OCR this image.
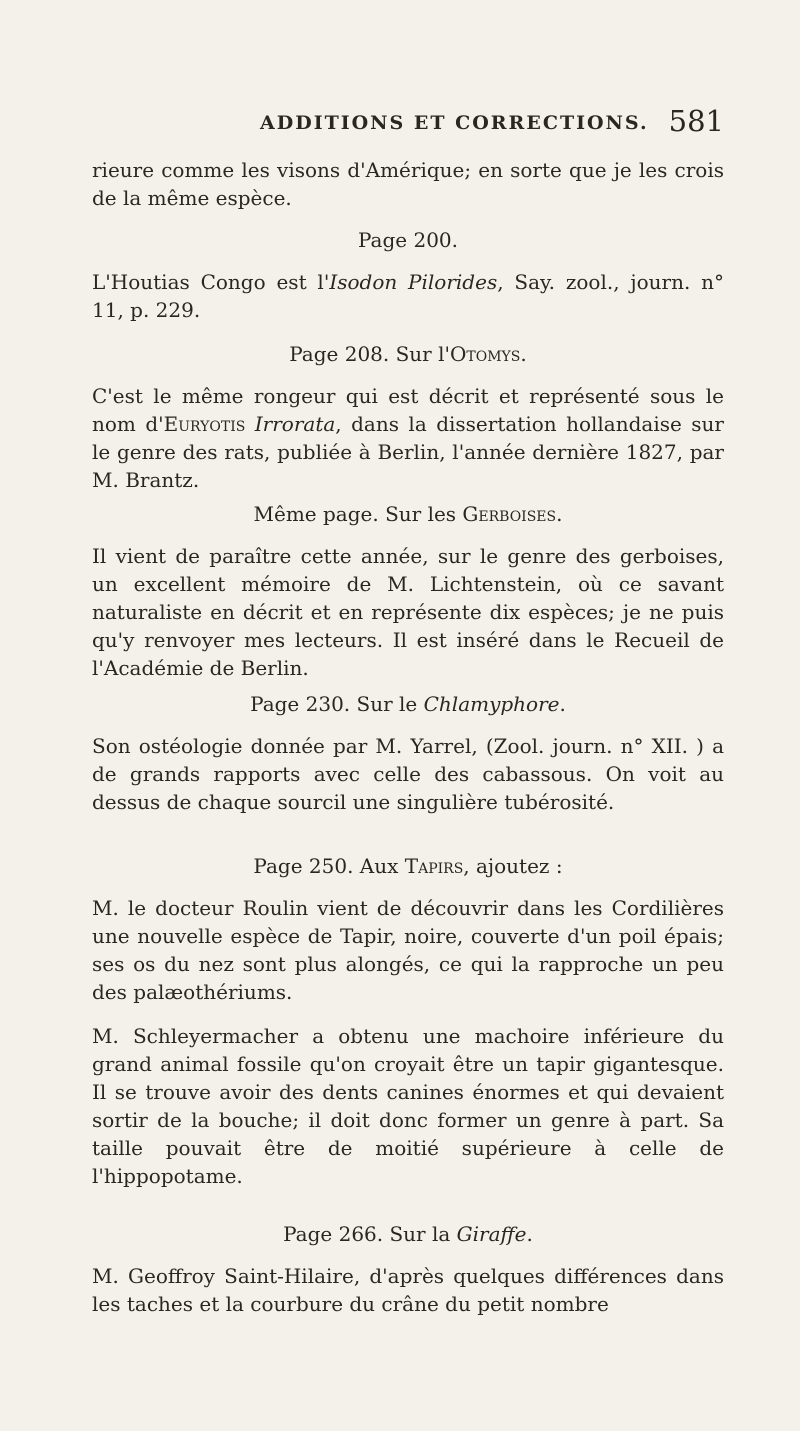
ADDITIONS ET CORRECTIONS. 581
rieure comme les visons d'Amérique; en sorte que je les crois de la même espèce.
Page 200.
L'Houtias Congo est l'Isodon Pilorides, Say. zool., journ. n° 11, p. 229.
Page 208. Sur l'Otomys.
C'est le même rongeur qui est décrit et représenté sous le nom d'Euryotis Irrorata, dans la dissertation hollandaise sur le genre des rats, publiée à Berlin, l'année dernière 1827, par M. Brantz.
Même page. Sur les Gerboises.
Il vient de paraître cette année, sur le genre des gerboises, un excellent mémoire de M. Lichtenstein, où ce savant naturaliste en décrit et en représente dix espèces; je ne puis qu'y renvoyer mes lecteurs. Il est inséré dans le Recueil de l'Académie de Berlin.
Page 230. Sur le Chlamyphore.
Son ostéologie donnée par M. Yarrel, (Zool. journ. n° XII. ) a de grands rapports avec celle des cabassous. On voit au dessus de chaque sourcil une singulière tubérosité.
Page 250. Aux Tapirs, ajoutez :
M. le docteur Roulin vient de découvrir dans les Cordilières une nouvelle espèce de Tapir, noire, couverte d'un poil épais; ses os du nez sont plus alongés, ce qui la rapproche un peu des palæothériums.
M. Schleyermacher a obtenu une machoire inférieure du grand animal fossile qu'on croyait être un tapir gigantesque. Il se trouve avoir des dents canines énormes et qui devaient sortir de la bouche; il doit donc former un genre à part. Sa taille pouvait être de moitié supérieure à celle de l'hippopotame.
Page 266. Sur la Giraffe.
M. Geoffroy Saint-Hilaire, d'après quelques différences dans les taches et la courbure du crâne du petit nombre
